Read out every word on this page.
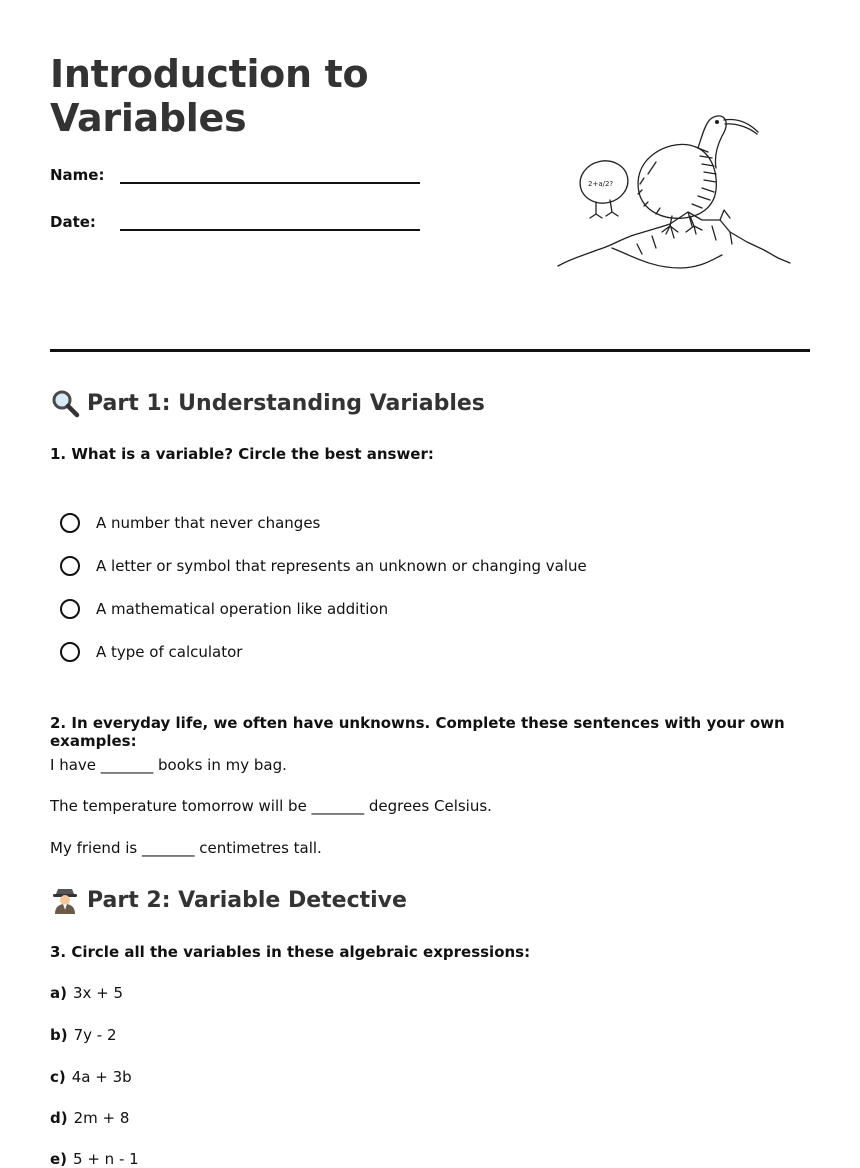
Introduction to
Variables
Name:
Date:
2+a/2?
Part 1: Understanding Variables

1. What is a variable? Circle the best answer:

A number that never changes
A letter or symbol that represents an unknown or changing value
A mathematical operation like addition
A type of calculator

2. In everyday life, we often have unknowns. Complete these sentences with your own examples:

I have _______ books in my bag.

The temperature tomorrow will be _______ degrees Celsius.

My friend is _______ centimetres tall.

Part 2: Variable Detective

3. Circle all the variables in these algebraic expressions:

a) 3x + 5

b) 7y - 2

c) 4a + 3b

d) 2m + 8

e) 5 + n - 1
